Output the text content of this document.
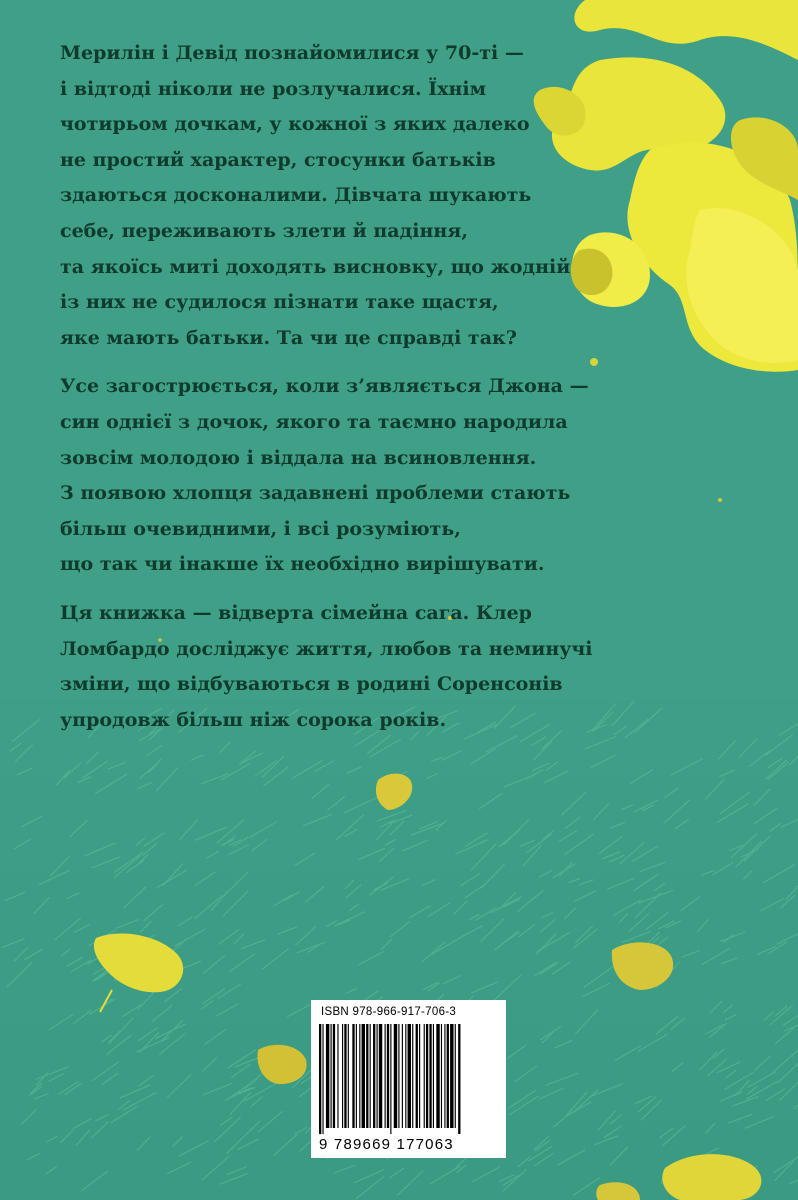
Мерилін і Девід познайомилися у 70-ті —
і відтоді ніколи не розлучалися. Їхнім
чотирьом дочкам, у кожної з яких далеко
не простий характер, стосунки батьків
здаються досконалими. Дівчата шукають
себе, переживають злети й падіння,
та якоїсь миті доходять висновку, що жодній
із них не судилося пізнати таке щастя,
яке мають батьки. Та чи це справді так?

Усе загострюється, коли з’являється Джона —
син однієї з дочок, якого та таємно народила
зовсім молодою і віддала на всиновлення.
З появою хлопця задавнені проблеми стають
більш очевидними, і всі розуміють,
що так чи інакше їх необхідно вирішувати.

Ця книжка — відверта сімейна сага. Клер
Ломбардо досліджує життя, любов та неминучі
зміни, що відбуваються в родині Соренсонів
упродовж більш ніж сорока років.

ISBN 978-966-917-706-3
9 789669 177063
